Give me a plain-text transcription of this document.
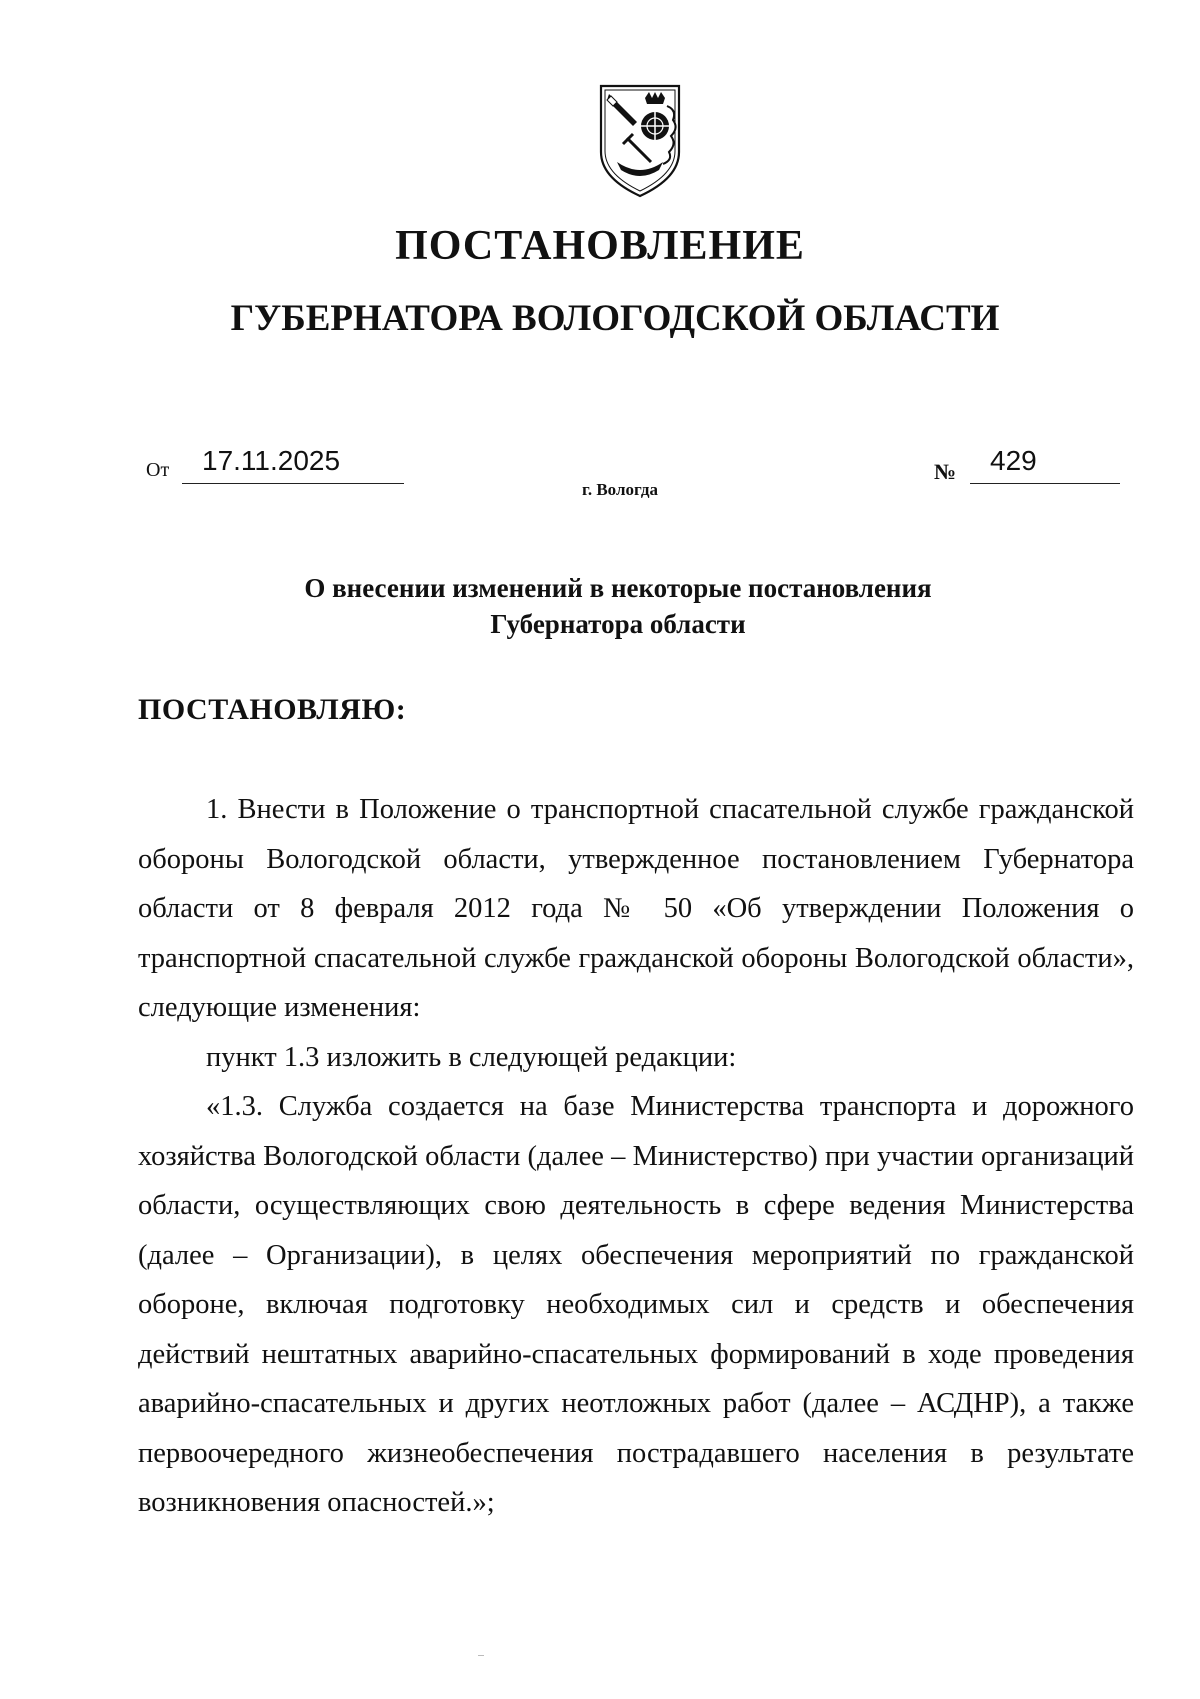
ПОСТАНОВЛЕНИЕ
ГУБЕРНАТОРА ВОЛОГОДСКОЙ ОБЛАСТИ
От	17.11.2025	№ 429
г. Вологда
О внесении изменений в некоторые постановления
Губернатора области
ПОСТАНОВЛЯЮ:

1. Внести в Положение о транспортной спасательной службе гражданской обороны Вологодской области, утвержденное постановлением Губернатора области от 8 февраля 2012 года № 50 «Об утверждении Положения о транспортной спасательной службе гражданской обороны Вологодской области», следующие изменения:

пункт 1.3 изложить в следующей редакции:

«1.3. Служба создается на базе Министерства транспорта и дорожного хозяйства Вологодской области (далее – Министерство) при участии организаций области, осуществляющих свою деятельность в сфере ведения Министерства (далее – Организации), в целях обеспечения мероприятий по гражданской обороне, включая подготовку необходимых сил и средств и обеспечения действий нештатных аварийно-спасательных формирований в ходе проведения аварийно-спасательных и других неотложных работ (далее – АСДНР), а также первоочередного жизнеобеспечения пострадавшего населения в результате возникновения опасностей.»;
